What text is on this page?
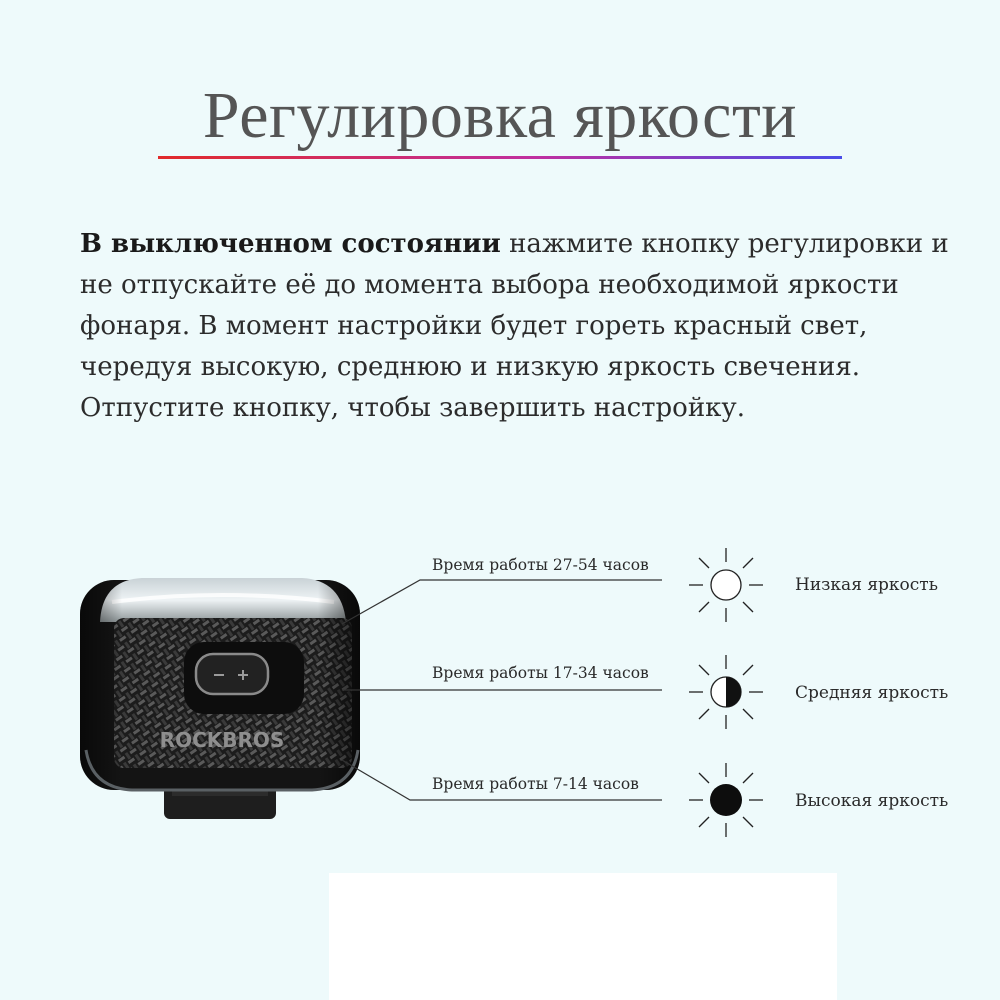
Регулировка яркости
В выключенном состоянии нажмите кнопку регулировки и
не отпускайте её до момента выбора необходимой яркости
фонаря. В момент настройки будет гореть красный свет,
чередуя высокую, среднюю и низкую яркость свечения.
Отпустите кнопку, чтобы завершить настройку.
ROCKBROS
Время работы 27-54 часов
Время работы 17-34 часов
Время работы 7-14 часов
Низкая яркость
Средняя яркость
Высокая яркость
